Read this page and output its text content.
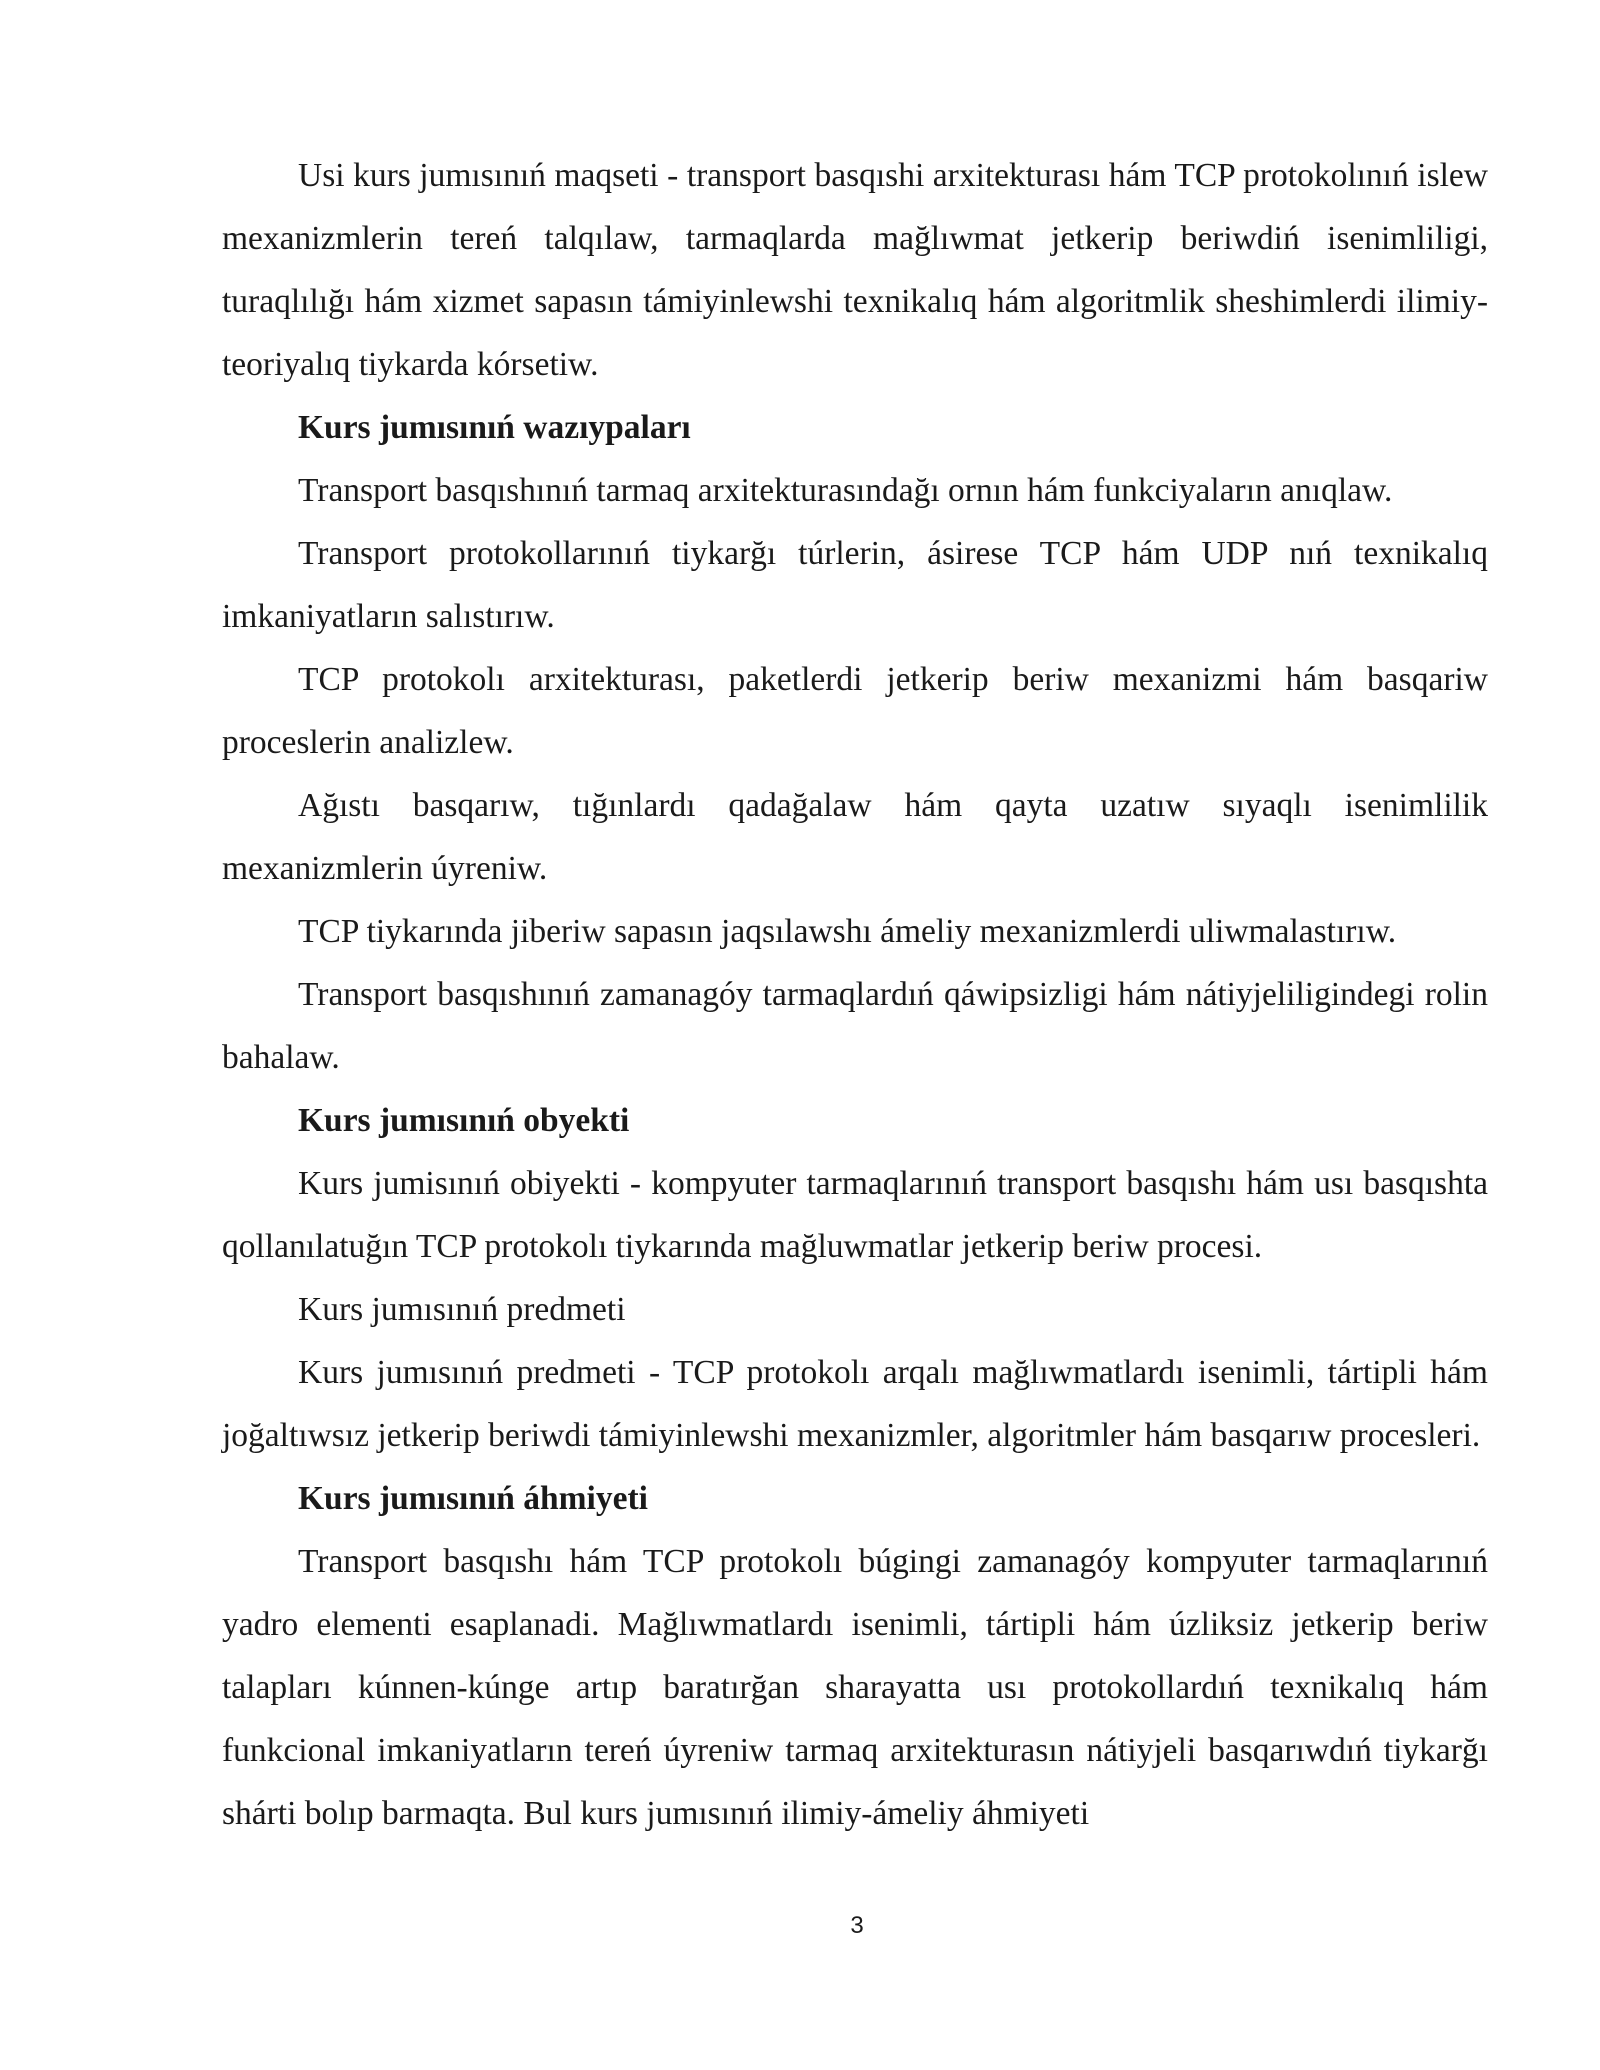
Usi kurs jumısınıń maqseti - transport basqıshi arxitekturası hám TCP protokolınıń islew mexanizmlerin tereń talqılaw, tarmaqlarda mağlıwmat jetkerip beriwdiń isenimliligi, turaqlılığı hám xizmet sapasın támiyinlewshi texnikalıq hám algoritmlik sheshimlerdi ilimiy-teoriyalıq tiykarda kórsetiw.

Kurs jumısınıń wazıypaları

Transport basqıshınıń tarmaq arxitekturasındağı ornın hám funkciyaların anıqlaw.

Transport protokollarınıń tiykarğı túrlerin, ásirese TCP hám UDP nıń texnikalıq imkaniyatların salıstırıw.

TCP protokolı arxitekturası, paketlerdi jetkerip beriw mexanizmi hám basqariw proceslerin analizlew.

Ağıstı basqarıw, tığınlardı qadağalaw hám qayta uzatıw sıyaqlı isenimlilik mexanizmlerin úyreniw.

TCP tiykarında jiberiw sapasın jaqsılawshı ámeliy mexanizmlerdi uliwmalastırıw.

Transport basqıshınıń zamanagóy tarmaqlardıń qáwipsizligi hám nátiyjeliligindegi rolin bahalaw.

Kurs jumısınıń obyekti

Kurs jumisınıń obiyekti - kompyuter tarmaqlarınıń transport basqıshı hám usı basqıshta qollanılatuğın TCP protokolı tiykarında mağluwmatlar jetkerip beriw procesi.

Kurs jumısınıń predmeti

Kurs jumısınıń predmeti - TCP protokolı arqalı mağlıwmatlardı isenimli, tártipli hám joğaltıwsız jetkerip beriwdi támiyinlewshi mexanizmler, algoritmler hám basqarıw procesleri.

Kurs jumısınıń áhmiyeti

Transport basqıshı hám TCP protokolı búgingi zamanagóy kompyuter tarmaqlarınıń yadro elementi esaplanadi. Mağlıwmatlardı isenimli, tártipli hám úzliksiz jetkerip beriw talapları kúnnen-kúnge artıp baratırğan sharayatta usı protokollardıń texnikalıq hám funkcional imkaniyatların tereń úyreniw tarmaq arxitekturasın nátiyjeli basqarıwdıń tiykarğı shárti bolıp barmaqta. Bul kurs jumısınıń ilimiy-ámeliy áhmiyeti

3
